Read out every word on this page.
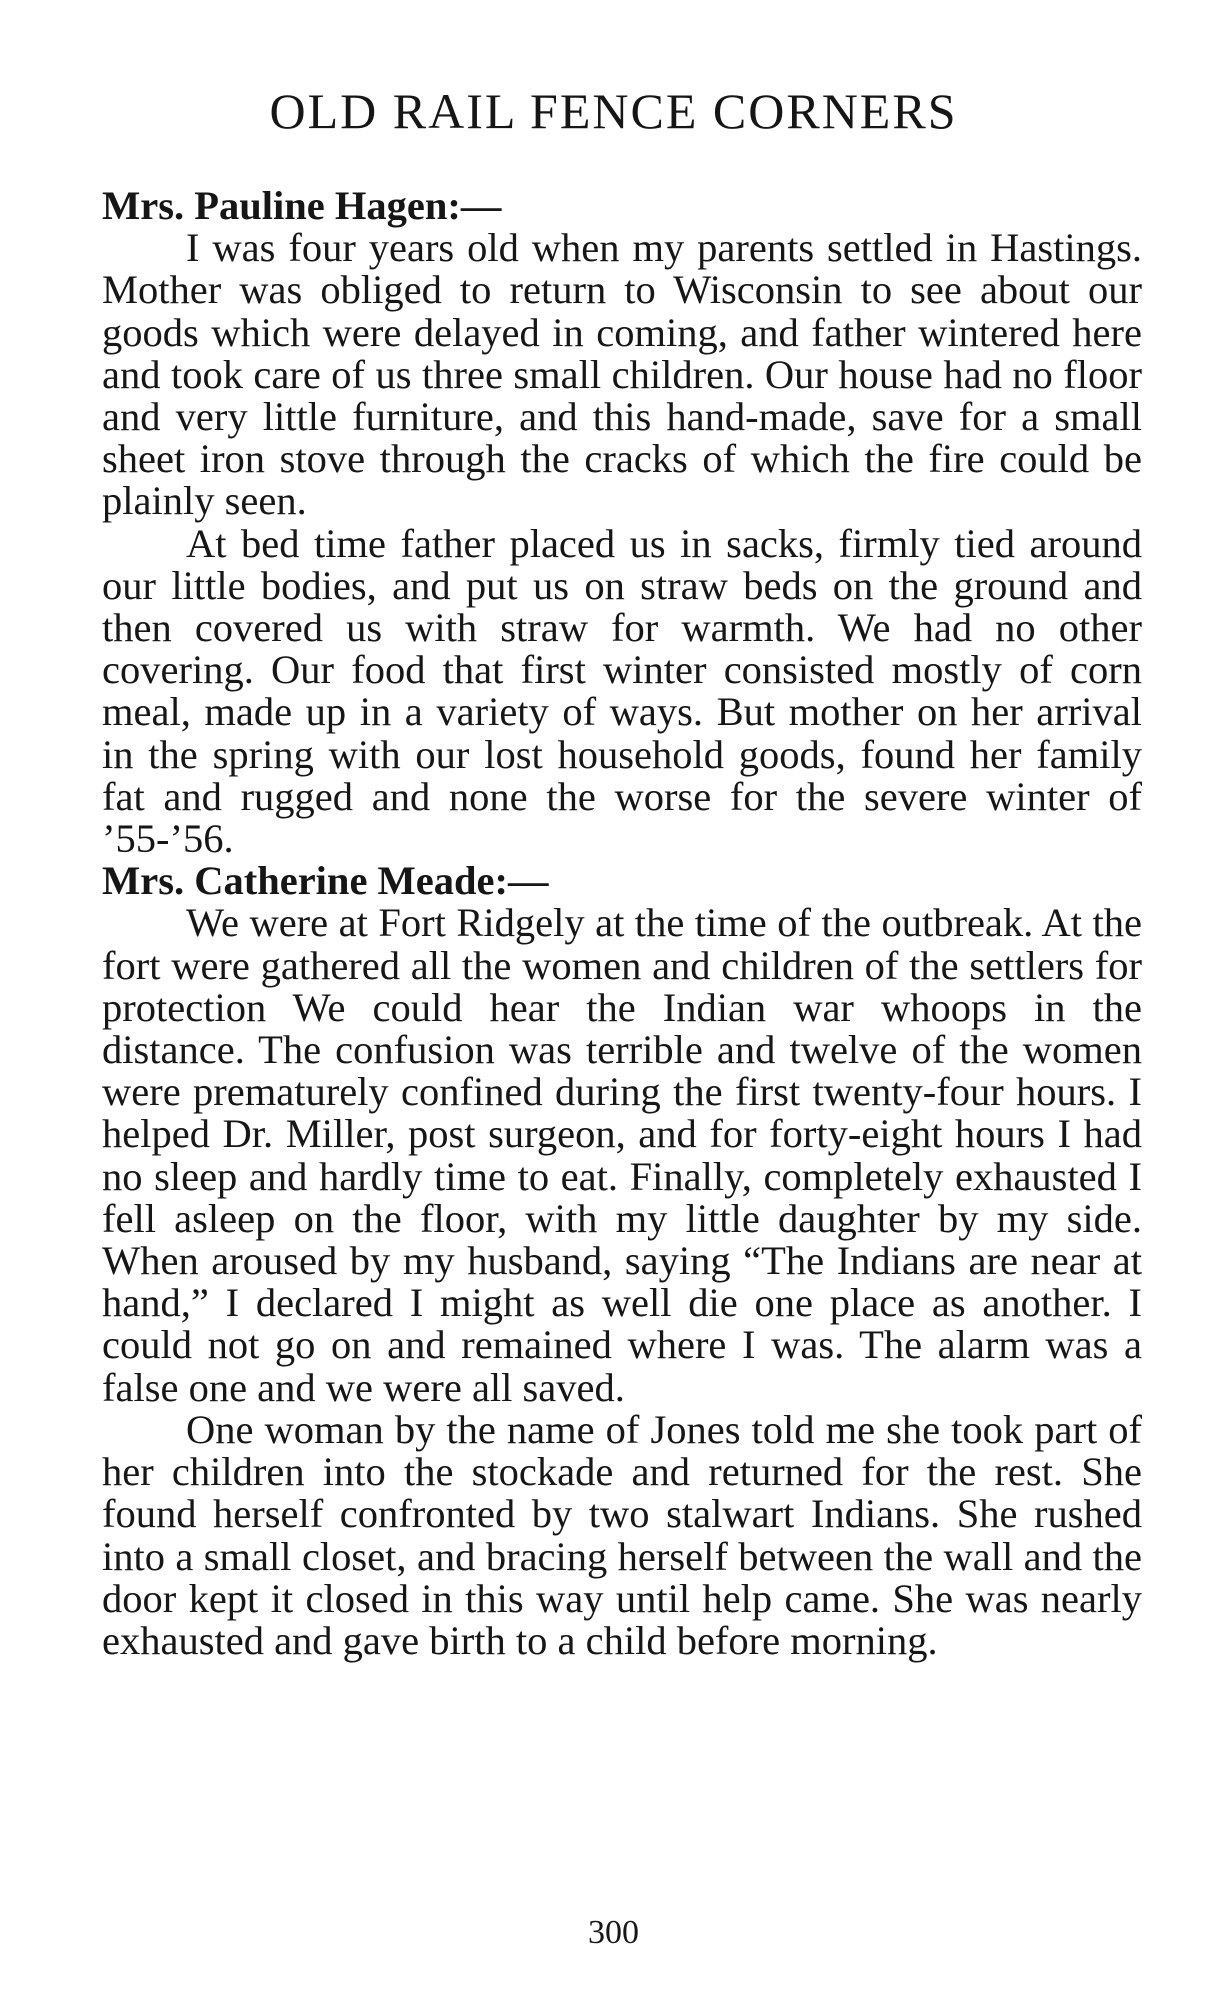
OLD RAIL FENCE CORNERS

Mrs. Pauline Hagen:—

I was four years old when my parents settled in Hastings. Mother was obliged to return to Wisconsin to see about our goods which were delayed in coming, and father wintered here and took care of us three small children. Our house had no floor and very little furniture, and this hand-made, save for a small sheet iron stove through the cracks of which the fire could be plainly seen.

At bed time father placed us in sacks, firmly tied around our little bodies, and put us on straw beds on the ground and then covered us with straw for warmth. We had no other covering. Our food that first winter consisted mostly of corn meal, made up in a variety of ways. But mother on her arrival in the spring with our lost household goods, found her family fat and rugged and none the worse for the severe winter of ’55-’56.

Mrs. Catherine Meade:—

We were at Fort Ridgely at the time of the outbreak. At the fort were gathered all the women and children of the settlers for protection We could hear the Indian war whoops in the distance. The confusion was terrible and twelve of the women were prematurely confined during the first twenty-four hours. I helped Dr. Miller, post surgeon, and for forty-eight hours I had no sleep and hardly time to eat. Finally, completely exhausted I fell asleep on the floor, with my little daughter by my side. When aroused by my husband, saying “The Indians are near at hand,” I declared I might as well die one place as another. I could not go on and remained where I was. The alarm was a false one and we were all saved.

One woman by the name of Jones told me she took part of her children into the stockade and returned for the rest. She found herself confronted by two stalwart Indians. She rushed into a small closet, and bracing herself between the wall and the door kept it closed in this way until help came. She was nearly exhausted and gave birth to a child before morning.

300
